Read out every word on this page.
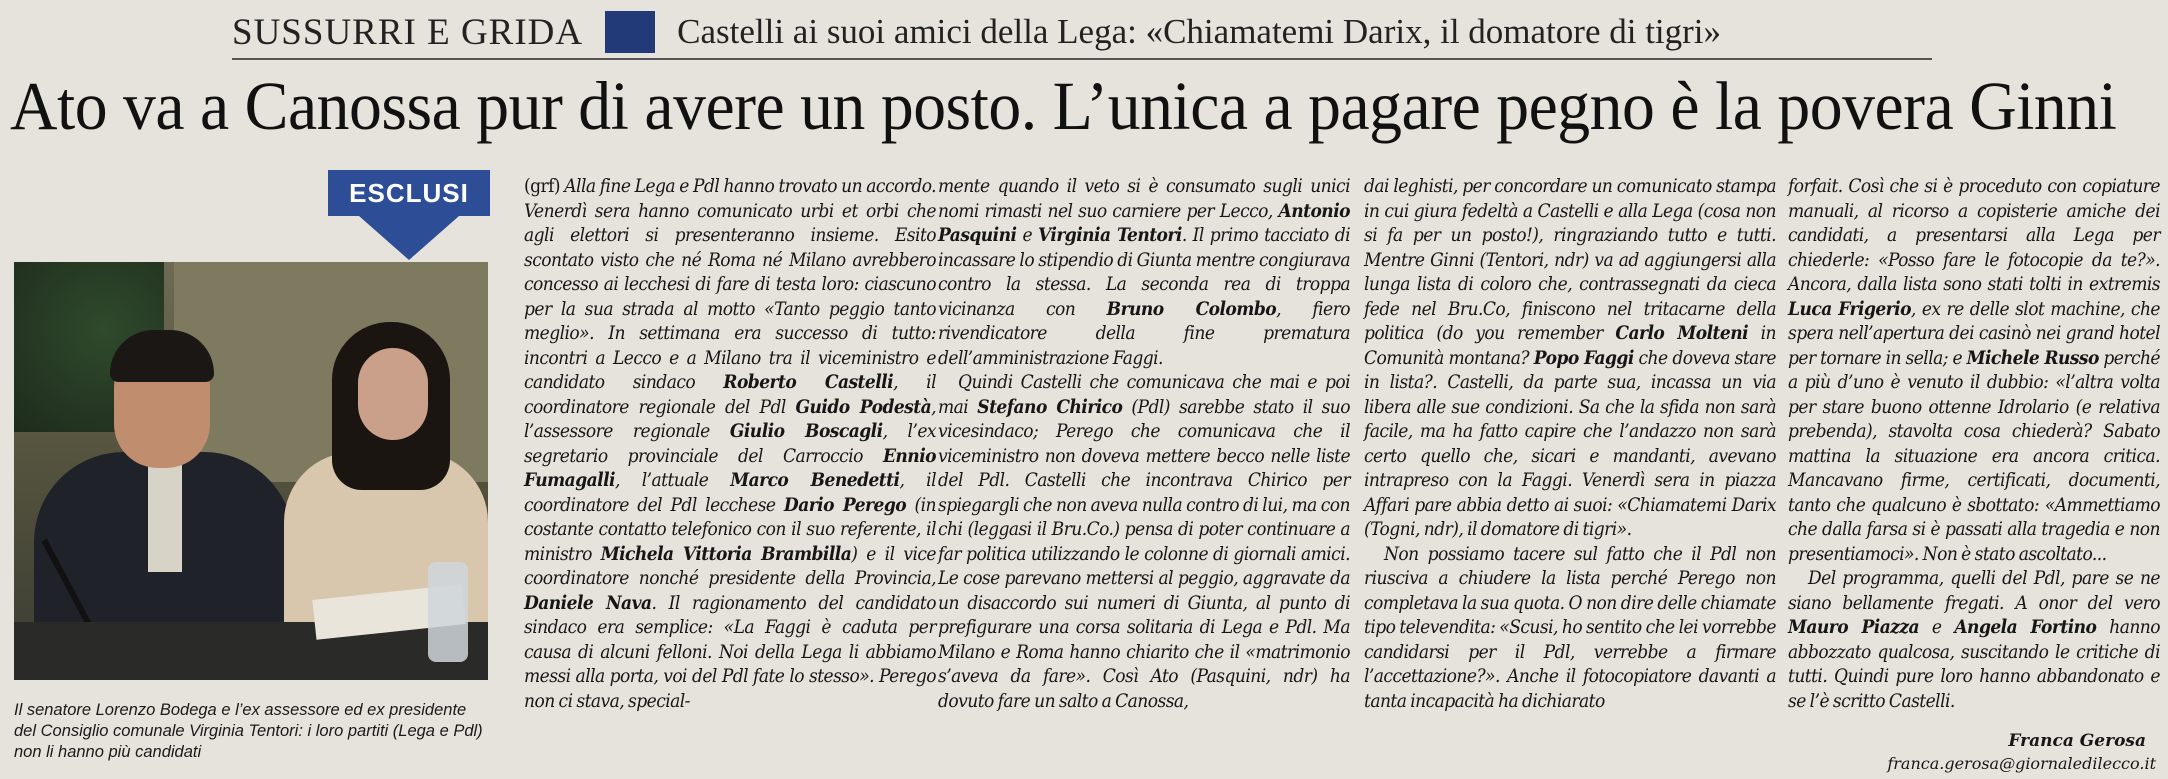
SUSSURRI E GRIDA	Castelli ai suoi amici della Lega: «Chiamatemi Darix, il domatore di tigri»
Ato va a Canossa pur di avere un posto. L’unica a pagare pegno è la povera Ginni
ESCLUSI
Il senatore Lorenzo Bodega e l’ex assessore ed ex presidente del Consiglio comunale Virginia Tentori: i loro partiti (Lega e Pdl) non li hanno più candidati

(grf) Alla fine Lega e Pdl hanno trovato un accordo. Venerdì sera hanno comunicato urbi et orbi che agli elettori si presenteranno insieme. Esito scontato visto che né Roma né Milano avrebbero concesso ai lecchesi di fare di testa loro: ciascuno per la sua strada al motto «Tanto peggio tanto meglio». In settimana era successo di tutto: incontri a Lecco e a Milano tra il viceministro e candidato sindaco Roberto Castelli, il coordinatore regionale del Pdl Guido Podestà, l’assessore regionale Giulio Boscagli, l’ex segretario provinciale del Carroccio Ennio Fumagalli, l’attuale Marco Benedetti, il coordinatore del Pdl lecchese Dario Perego (in costante contatto telefonico con il suo referente, il ministro Michela Vittoria Brambilla) e il vice coordinatore nonché presidente della Provincia, Daniele Nava. Il ragionamento del candidato sindaco era semplice: «La Faggi è caduta per causa di alcuni felloni. Noi della Lega li abbiamo messi alla porta, voi del Pdl fate lo stesso». Perego non ci stava, special-

mente quando il veto si è consumato sugli unici nomi rimasti nel suo carniere per Lecco, Antonio Pasquini e Virginia Tentori. Il primo tacciato di incassare lo stipendio di Giunta mentre congiurava contro la stessa. La seconda rea di troppa vicinanza con Bruno Colombo, fiero rivendicatore della fine prematura dell’amministrazione Faggi.

Quindi Castelli che comunicava che mai e poi mai Stefano Chirico (Pdl) sarebbe stato il suo vicesindaco; Perego che comunicava che il viceministro non doveva mettere becco nelle liste del Pdl. Castelli che incontrava Chirico per spiegargli che non aveva nulla contro di lui, ma con chi (leggasi il Bru.Co.) pensa di poter continuare a far politica utilizzando le colonne di giornali amici. Le cose parevano mettersi al peggio, aggravate da un disaccordo sui numeri di Giunta, al punto di prefigurare una corsa solitaria di Lega e Pdl. Ma Milano e Roma hanno chiarito che il «matrimonio s’aveva da fare». Così Ato (Pasquini, ndr) ha dovuto fare un salto a Canossa,

dai leghisti, per concordare un comunicato stampa in cui giura fedeltà a Castelli e alla Lega (cosa non si fa per un posto!), ringraziando tutto e tutti. Mentre Ginni (Tentori, ndr) va ad aggiungersi alla lunga lista di coloro che, contrassegnati da cieca fede nel Bru.Co, finiscono nel tritacarne della politica (do you remember Carlo Molteni in Comunità montana? Popo Faggi che doveva stare in lista?. Castelli, da parte sua, incassa un via libera alle sue condizioni. Sa che la sfida non sarà facile, ma ha fatto capire che l’andazzo non sarà certo quello che, sicari e mandanti, avevano intrapreso con la Faggi. Venerdì sera in piazza Affari pare abbia detto ai suoi: «Chiamatemi Darix (Togni, ndr), il domatore di tigri».

Non possiamo tacere sul fatto che il Pdl non riusciva a chiudere la lista perché Perego non completava la sua quota. O non dire delle chiamate tipo televendita: «Scusi, ho sentito che lei vorrebbe candidarsi per il Pdl, verrebbe a firmare l’accettazione?». Anche il fotocopiatore davanti a tanta incapacità ha dichiarato

forfait. Così che si è proceduto con copiature manuali, al ricorso a copisterie amiche dei candidati, a presentarsi alla Lega per chiederle: «Posso fare le fotocopie da te?». Ancora, dalla lista sono stati tolti in extremis Luca Frigerio, ex re delle slot machine, che spera nell’apertura dei casinò nei grand hotel per tornare in sella; e Michele Russo perché a più d’uno è venuto il dubbio: «l’altra volta per stare buono ottenne Idrolario (e relativa prebenda), stavolta cosa chiederà? Sabato mattina la situazione era ancora critica. Mancavano firme, certificati, documenti, tanto che qualcuno è sbottato: «Ammettiamo che dalla farsa si è passati alla tragedia e non presentiamoci». Non è stato ascoltato...

Del programma, quelli del Pdl, pare se ne siano bellamente fregati. A onor del vero Mauro Piazza e Angela Fortino hanno abbozzato qualcosa, suscitando le critiche di tutti. Quindi pure loro hanno abbandonato e se l’è scritto Castelli.

Franca Gerosa
franca.gerosa@giornaledilecco.it
